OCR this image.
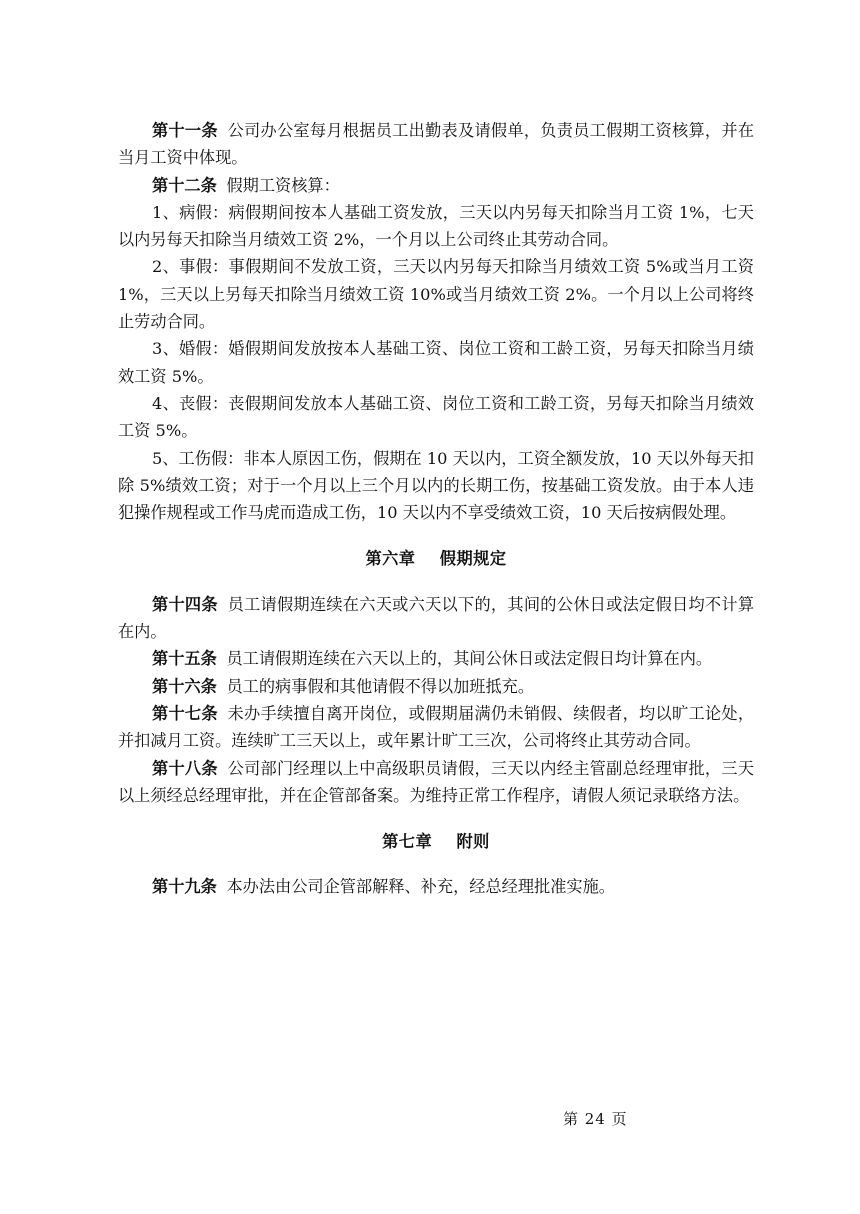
第十一条 公司办公室每月根据员工出勤表及请假单，负责员工假期工资核算，并在当月工资中体现。

第十二条 假期工资核算：

1、病假：病假期间按本人基础工资发放，三天以内另每天扣除当月工资 1%，七天以内另每天扣除当月绩效工资 2%，一个月以上公司终止其劳动合同。

2、事假：事假期间不发放工资，三天以内另每天扣除当月绩效工资 5%或当月工资 1%，三天以上另每天扣除当月绩效工资 10%或当月绩效工资 2%。一个月以上公司将终止劳动合同。

3、婚假：婚假期间发放按本人基础工资、岗位工资和工龄工资，另每天扣除当月绩效工资 5%。

4、丧假：丧假期间发放本人基础工资、岗位工资和工龄工资，另每天扣除当月绩效工资 5%。

5、工伤假：非本人原因工伤，假期在 10 天以内，工资全额发放，10 天以外每天扣除 5%绩效工资；对于一个月以上三个月以内的长期工伤，按基础工资发放。由于本人违犯操作规程或工作马虎而造成工伤，10 天以内不享受绩效工资，10 天后按病假处理。

第六章 假期规定

第十四条 员工请假期连续在六天或六天以下的，其间的公休日或法定假日均不计算在内。

第十五条 员工请假期连续在六天以上的，其间公休日或法定假日均计算在内。

第十六条 员工的病事假和其他请假不得以加班抵充。

第十七条 未办手续擅自离开岗位，或假期届满仍未销假、续假者，均以旷工论处，并扣减月工资。连续旷工三天以上，或年累计旷工三次，公司将终止其劳动合同。

第十八条 公司部门经理以上中高级职员请假，三天以内经主管副总经理审批，三天以上须经总经理审批，并在企管部备案。为维持正常工作程序，请假人须记录联络方法。

第七章 附则

第十九条 本办法由公司企管部解释、补充，经总经理批准实施。

第 24 页
